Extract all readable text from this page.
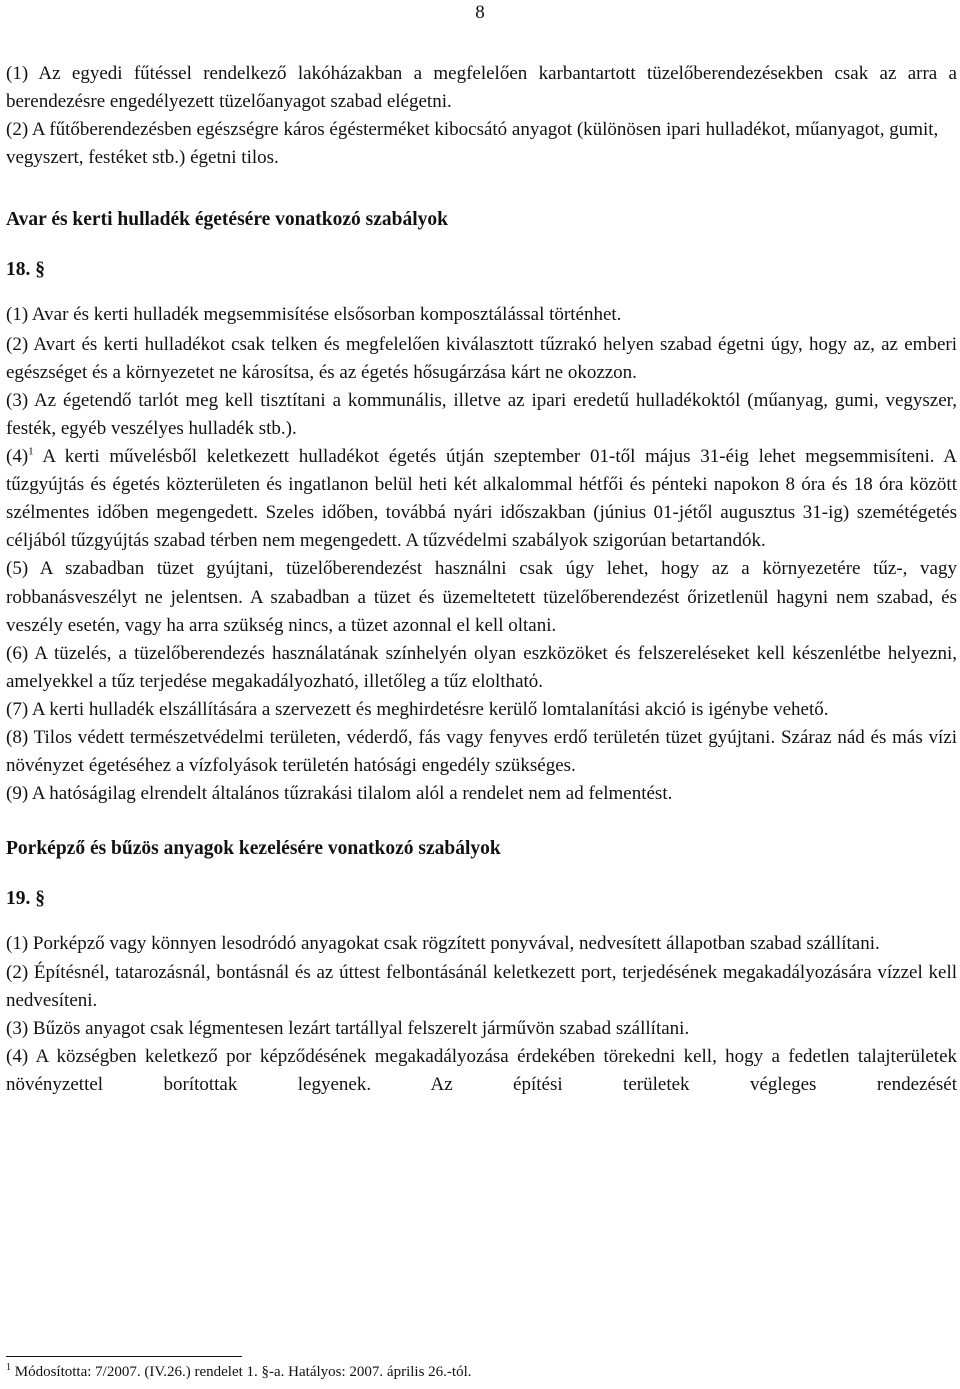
8

(1) Az egyedi fűtéssel rendelkező lakóházakban a megfelelően karbantartott tüzelőberendezésekben csak az arra a berendezésre engedélyezett tüzelőanyagot szabad elégetni.

(2) A fűtőberendezésben egészségre káros égésterméket kibocsátó anyagot (különösen ipari hulladékot, műanyagot, gumit, vegyszert, festéket stb.) égetni tilos.

Avar és kerti hulladék égetésére vonatkozó szabályok

18. §

(1) Avar és kerti hulladék megsemmisítése elsősorban komposztálással történhet.

(2) Avart és kerti hulladékot csak telken és megfelelően kiválasztott tűzrakó helyen szabad égetni úgy, hogy az, az emberi egészséget és a környezetet ne károsítsa, és az égetés hősugárzása kárt ne okozzon.

(3) Az égetendő tarlót meg kell tisztítani a kommunális, illetve az ipari eredetű hulladékoktól (műanyag, gumi, vegyszer, festék, egyéb veszélyes hulladék stb.).

$(4)^1$ A kerti művelésből keletkezett hulladékot égetés útján szeptember 01-től május 31-éig lehet megsemmisíteni. A tűzgyújtás és égetés közterületen és ingatlanon belül heti két alkalommal hétfői és pénteki napokon 8 óra és 18 óra között szélmentes időben megengedett. Szeles időben, továbbá nyári időszakban (június 01-jétől augusztus 31-ig) szemétégetés céljából tűzgyújtás szabad térben nem megengedett. A tűzvédelmi szabályok szigorúan betartandók.

(5) A szabadban tüzet gyújtani, tüzelőberendezést használni csak úgy lehet, hogy az a környezetére tűz-, vagy robbanásveszélyt ne jelentsen. A szabadban a tüzet és üzemeltetett tüzelőberendezést őrizetlenül hagyni nem szabad, és veszély esetén, vagy ha arra szükség nincs, a tüzet azonnal el kell oltani.

(6) A tüzelés, a tüzelőberendezés használatának színhelyén olyan eszközöket és felszereléseket kell készenlétbe helyezni, amelyekkel a tűz terjedése megakadályozható, illetőleg a tűz elolthatό.

(7) A kerti hulladék elszállítására a szervezett és meghirdetésre kerülő lomtalanítási akció is igénybe vehető.

(8) Tilos védett természetvédelmi területen, véderdő, fás vagy fenyves erdő területén tüzet gyújtani. Száraz nád és más vízi növényzet égetéséhez a vízfolyások területén hatósági engedély szükséges.

(9) A hatóságilag elrendelt általános tűzrakási tilalom alól a rendelet nem ad felmentést.

Porképző és bűzös anyagok kezelésére vonatkozó szabályok

19. §

(1) Porképző vagy könnyen lesodródó anyagokat csak rögzített ponyvával, nedvesített állapotban szabad szállítani.

(2) Építésnél, tatarozásnál, bontásnál és az úttest felbontásánál keletkezett port, terjedésének megakadályozására vízzel kell nedvesíteni.

(3) Bűzös anyagot csak légmentesen lezárt tartállyal felszerelt járművön szabad szállítani.

(4) A községben keletkező por képződésének megakadályozása érdekében törekedni kell, hogy a fedetlen talajterületek növényzettel borítottak legyenek. Az építési területek végleges rendezését

$^1$ Módosította: 7/2007. (IV.26.) rendelet 1. §-a. Hatályos: 2007. április 26.-tól.
